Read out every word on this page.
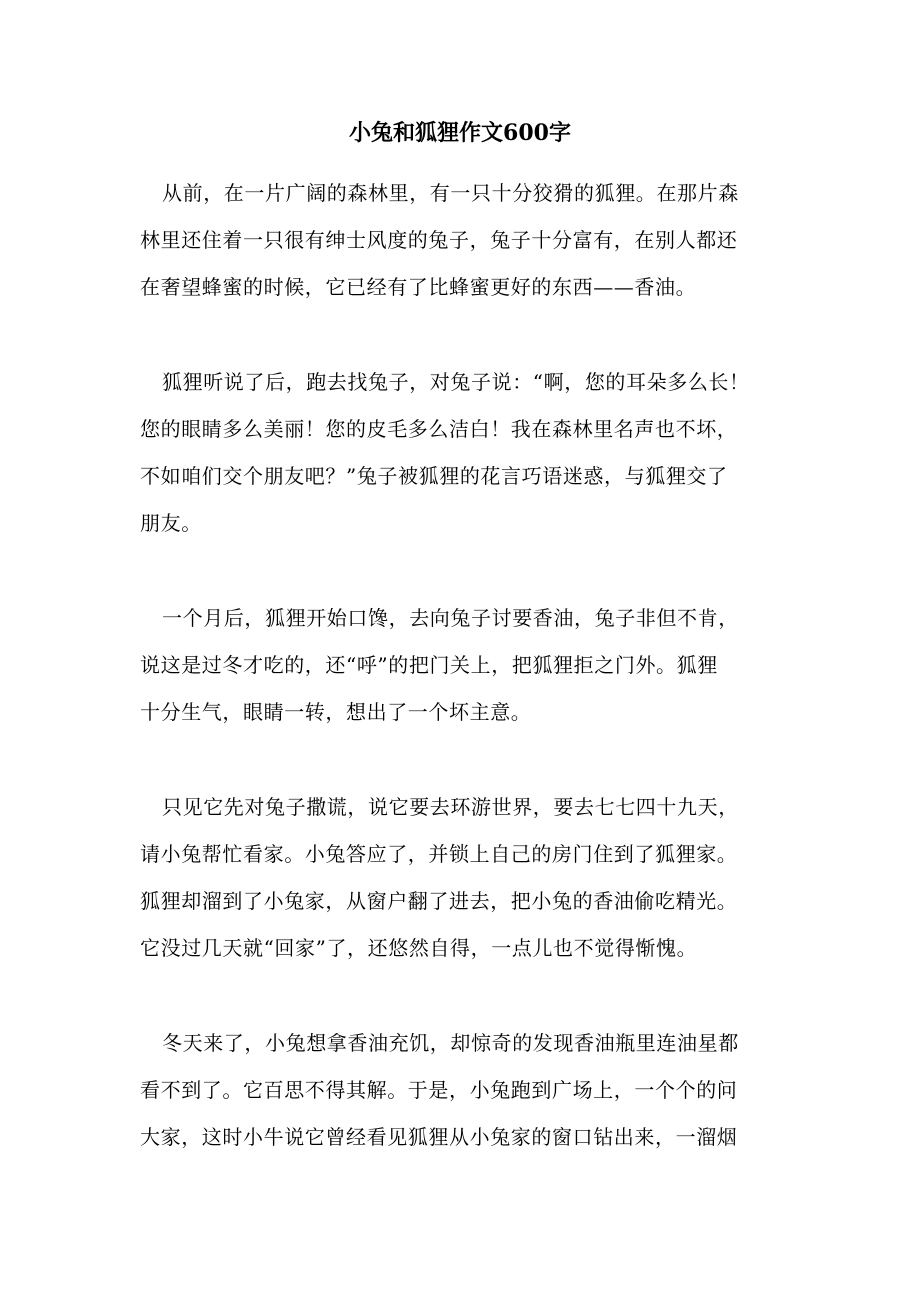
小兔和狐狸作文600字

从前，在一片广阔的森林里，有一只十分狡猾的狐狸。在那片森
林里还住着一只很有绅士风度的兔子，兔子十分富有，在别人都还
在奢望蜂蜜的时候，它已经有了比蜂蜜更好的东西——香油。

狐狸听说了后，跑去找兔子，对兔子说：“啊，您的耳朵多么长！
您的眼睛多么美丽！您的皮毛多么洁白！我在森林里名声也不坏，
不如咱们交个朋友吧？”兔子被狐狸的花言巧语迷惑，与狐狸交了
朋友。

一个月后，狐狸开始口馋，去向兔子讨要香油，兔子非但不肯，
说这是过冬才吃的，还“呼”的把门关上，把狐狸拒之门外。狐狸
十分生气，眼睛一转，想出了一个坏主意。

只见它先对兔子撒谎，说它要去环游世界，要去七七四十九天，
请小兔帮忙看家。小兔答应了，并锁上自己的房门住到了狐狸家。
狐狸却溜到了小兔家，从窗户翻了进去，把小兔的香油偷吃精光。
它没过几天就“回家”了，还悠然自得，一点儿也不觉得惭愧。

冬天来了，小兔想拿香油充饥，却惊奇的发现香油瓶里连油星都
看不到了。它百思不得其解。于是，小兔跑到广场上，一个个的问
大家，这时小牛说它曾经看见狐狸从小兔家的窗口钻出来，一溜烟
